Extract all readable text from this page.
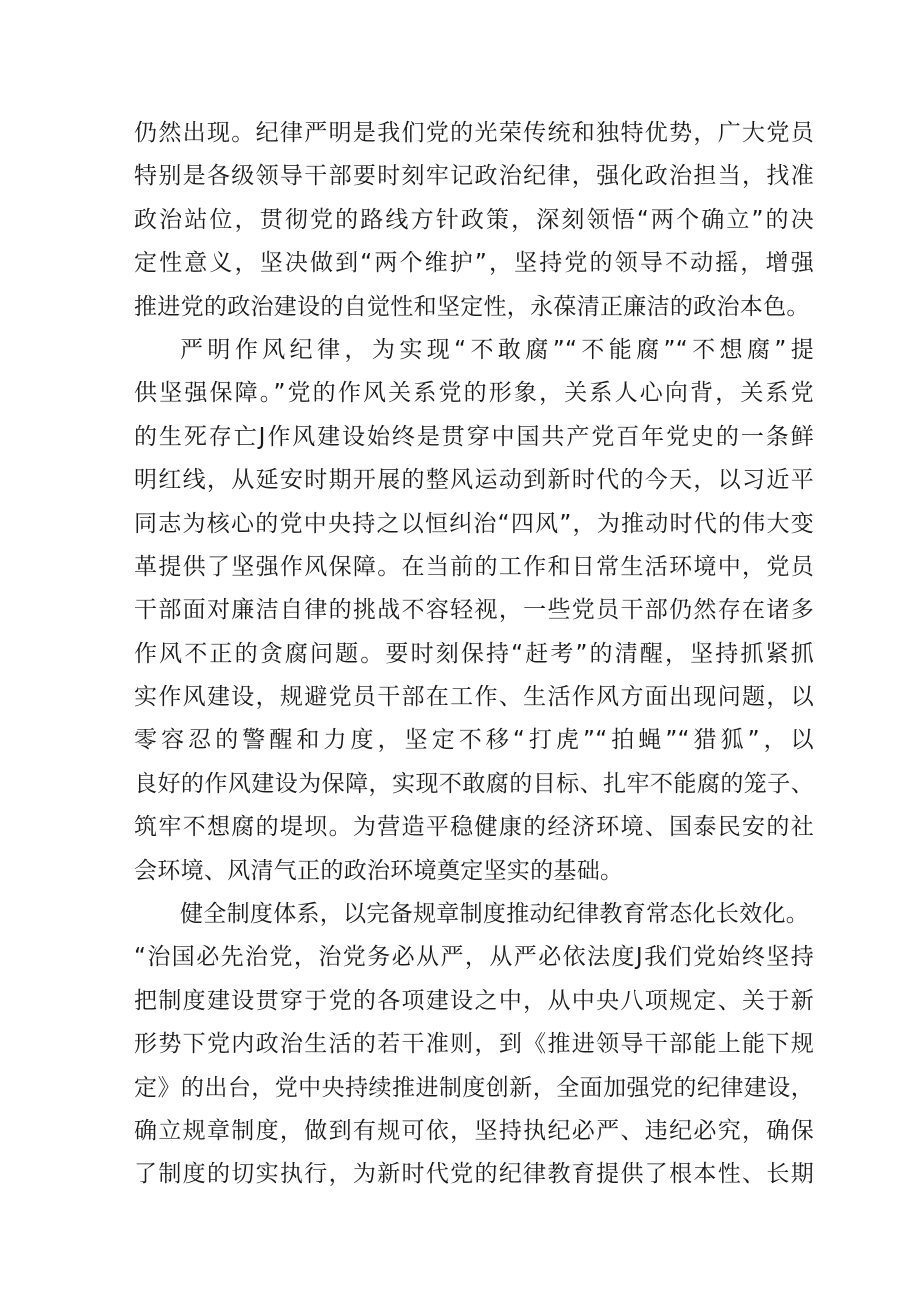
仍然出现。纪律严明是我们党的光荣传统和独特优势，广大党员
特别是各级领导干部要时刻牢记政治纪律，强化政治担当，找准
政治站位，贯彻党的路线方针政策，深刻领悟“两个确立”的决
定性意义，坚决做到“两个维护”，坚持党的领导不动摇，增强
推进党的政治建设的自觉性和坚定性，永葆清正廉洁的政治本色。
严明作风纪律，为实现“不敢腐”“不能腐”“不想腐”提
供坚强保障。”党的作风关系党的形象，关系人心向背，关系党
的生死存亡J作风建设始终是贯穿中国共产党百年党史的一条鲜
明红线，从延安时期开展的整风运动到新时代的今天，以习近平
同志为核心的党中央持之以恒纠治“四风”，为推动时代的伟大变
革提供了坚强作风保障。在当前的工作和日常生活环境中，党员
干部面对廉洁自律的挑战不容轻视，一些党员干部仍然存在诸多
作风不正的贪腐问题。要时刻保持“赶考”的清醒，坚持抓紧抓
实作风建设，规避党员干部在工作、生活作风方面出现问题，以
零容忍的警醒和力度，坚定不移“打虎”“拍蝇”“猎狐”，以
良好的作风建设为保障，实现不敢腐的目标、扎牢不能腐的笼子、
筑牢不想腐的堤坝。为营造平稳健康的经济环境、国泰民安的社
会环境、风清气正的政治环境奠定坚实的基础。
健全制度体系，以完备规章制度推动纪律教育常态化长效化。
“治国必先治党，治党务必从严，从严必依法度J我们党始终坚持
把制度建设贯穿于党的各项建设之中，从中央八项规定、关于新
形势下党内政治生活的若干准则，到《推进领导干部能上能下规
定》的出台，党中央持续推进制度创新，全面加强党的纪律建设，
确立规章制度，做到有规可依，坚持执纪必严、违纪必究，确保
了制度的切实执行，为新时代党的纪律教育提供了根本性、长期
